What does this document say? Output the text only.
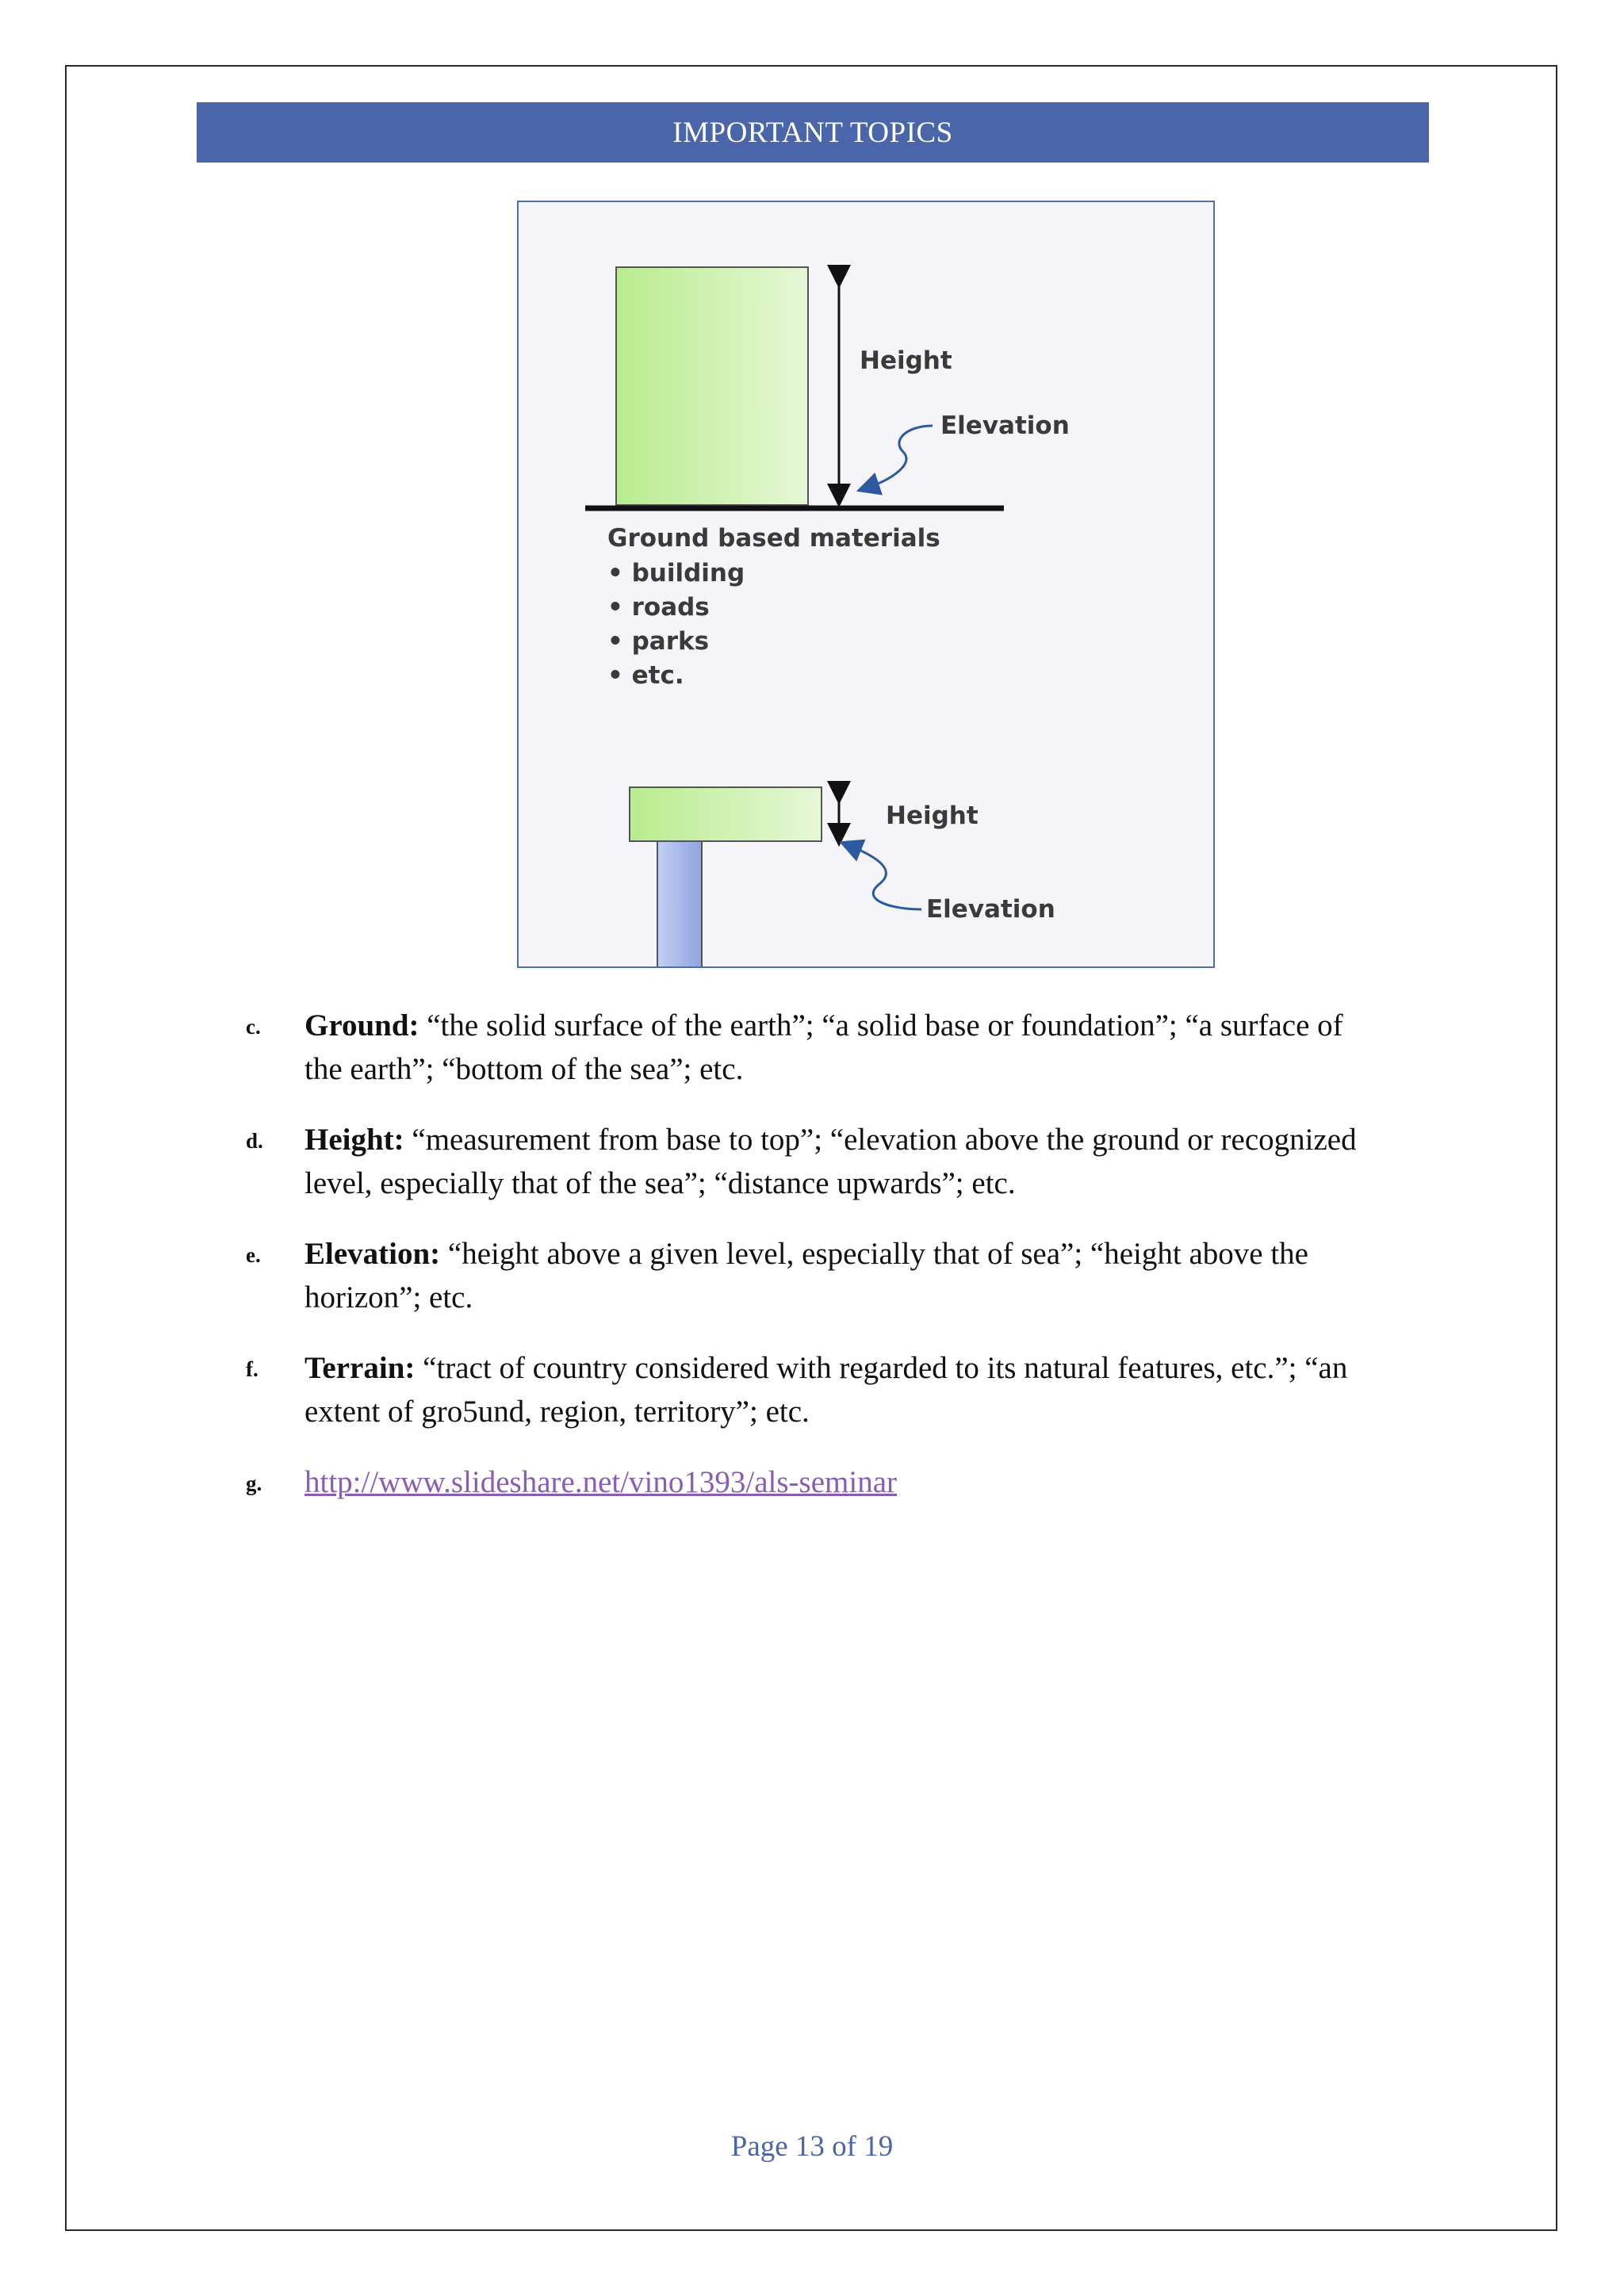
IMPORTANT TOPICS
Height
Elevation
Ground based materials
• building
• roads
• parks
• etc.
Height
Elevation
c. Ground: “the solid surface of the earth”; “a solid base or foundation”; “a surface of
the earth”; “bottom of the sea”; etc.
d. Height: “measurement from base to top”; “elevation above the ground or recognized
level, especially that of the sea”; “distance upwards”; etc.
e. Elevation: “height above a given level, especially that of sea”; “height above the
horizon”; etc.
f. Terrain: “tract of country considered with regarded to its natural features, etc.”; “an
extent of gro5und, region, territory”; etc.
g. http://www.slideshare.net/vino1393/als-seminar
Page 13 of 19
